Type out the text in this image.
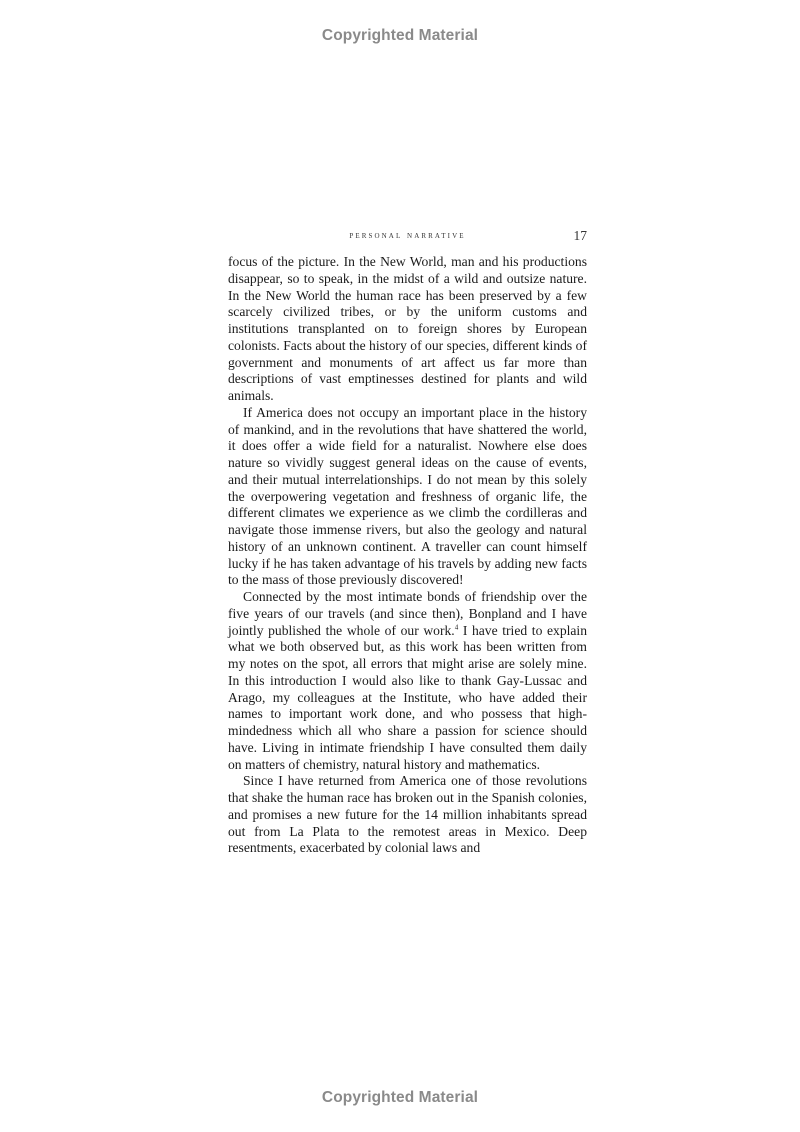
Copyrighted Material
personal narrative	17

focus of the picture. In the New World, man and his productions disappear, so to speak, in the midst of a wild and outsize nature. In the New World the human race has been preserved by a few scarcely civilized tribes, or by the uniform customs and institutions transplanted on to foreign shores by European colonists. Facts about the history of our species, different kinds of government and monuments of art affect us far more than descriptions of vast emptinesses destined for plants and wild animals.

If America does not occupy an important place in the history of mankind, and in the revolutions that have shattered the world, it does offer a wide field for a naturalist. Nowhere else does nature so vividly suggest general ideas on the cause of events, and their mutual interrelationships. I do not mean by this solely the overpowering vegetation and freshness of organic life, the different climates we experience as we climb the cordilleras and navigate those immense rivers, but also the geology and natural history of an unknown continent. A traveller can count himself lucky if he has taken advantage of his travels by adding new facts to the mass of those previously discovered!

Connected by the most intimate bonds of friendship over the five years of our travels (and since then), Bonpland and I have jointly published the whole of our work.$^4$ I have tried to explain what we both observed but, as this work has been written from my notes on the spot, all errors that might arise are solely mine. In this introduction I would also like to thank Gay-Lussac and Arago, my colleagues at the Institute, who have added their names to important work done, and who possess that high-mindedness which all who share a passion for science should have. Living in intimate friendship I have consulted them daily on matters of chemistry, natural history and mathematics.

Since I have returned from America one of those revolutions that shake the human race has broken out in the Spanish colonies, and promises a new future for the 14 million inhabitants spread out from La Plata to the remotest areas in Mexico. Deep resentments, exacerbated by colonial laws and

Copyrighted Material
